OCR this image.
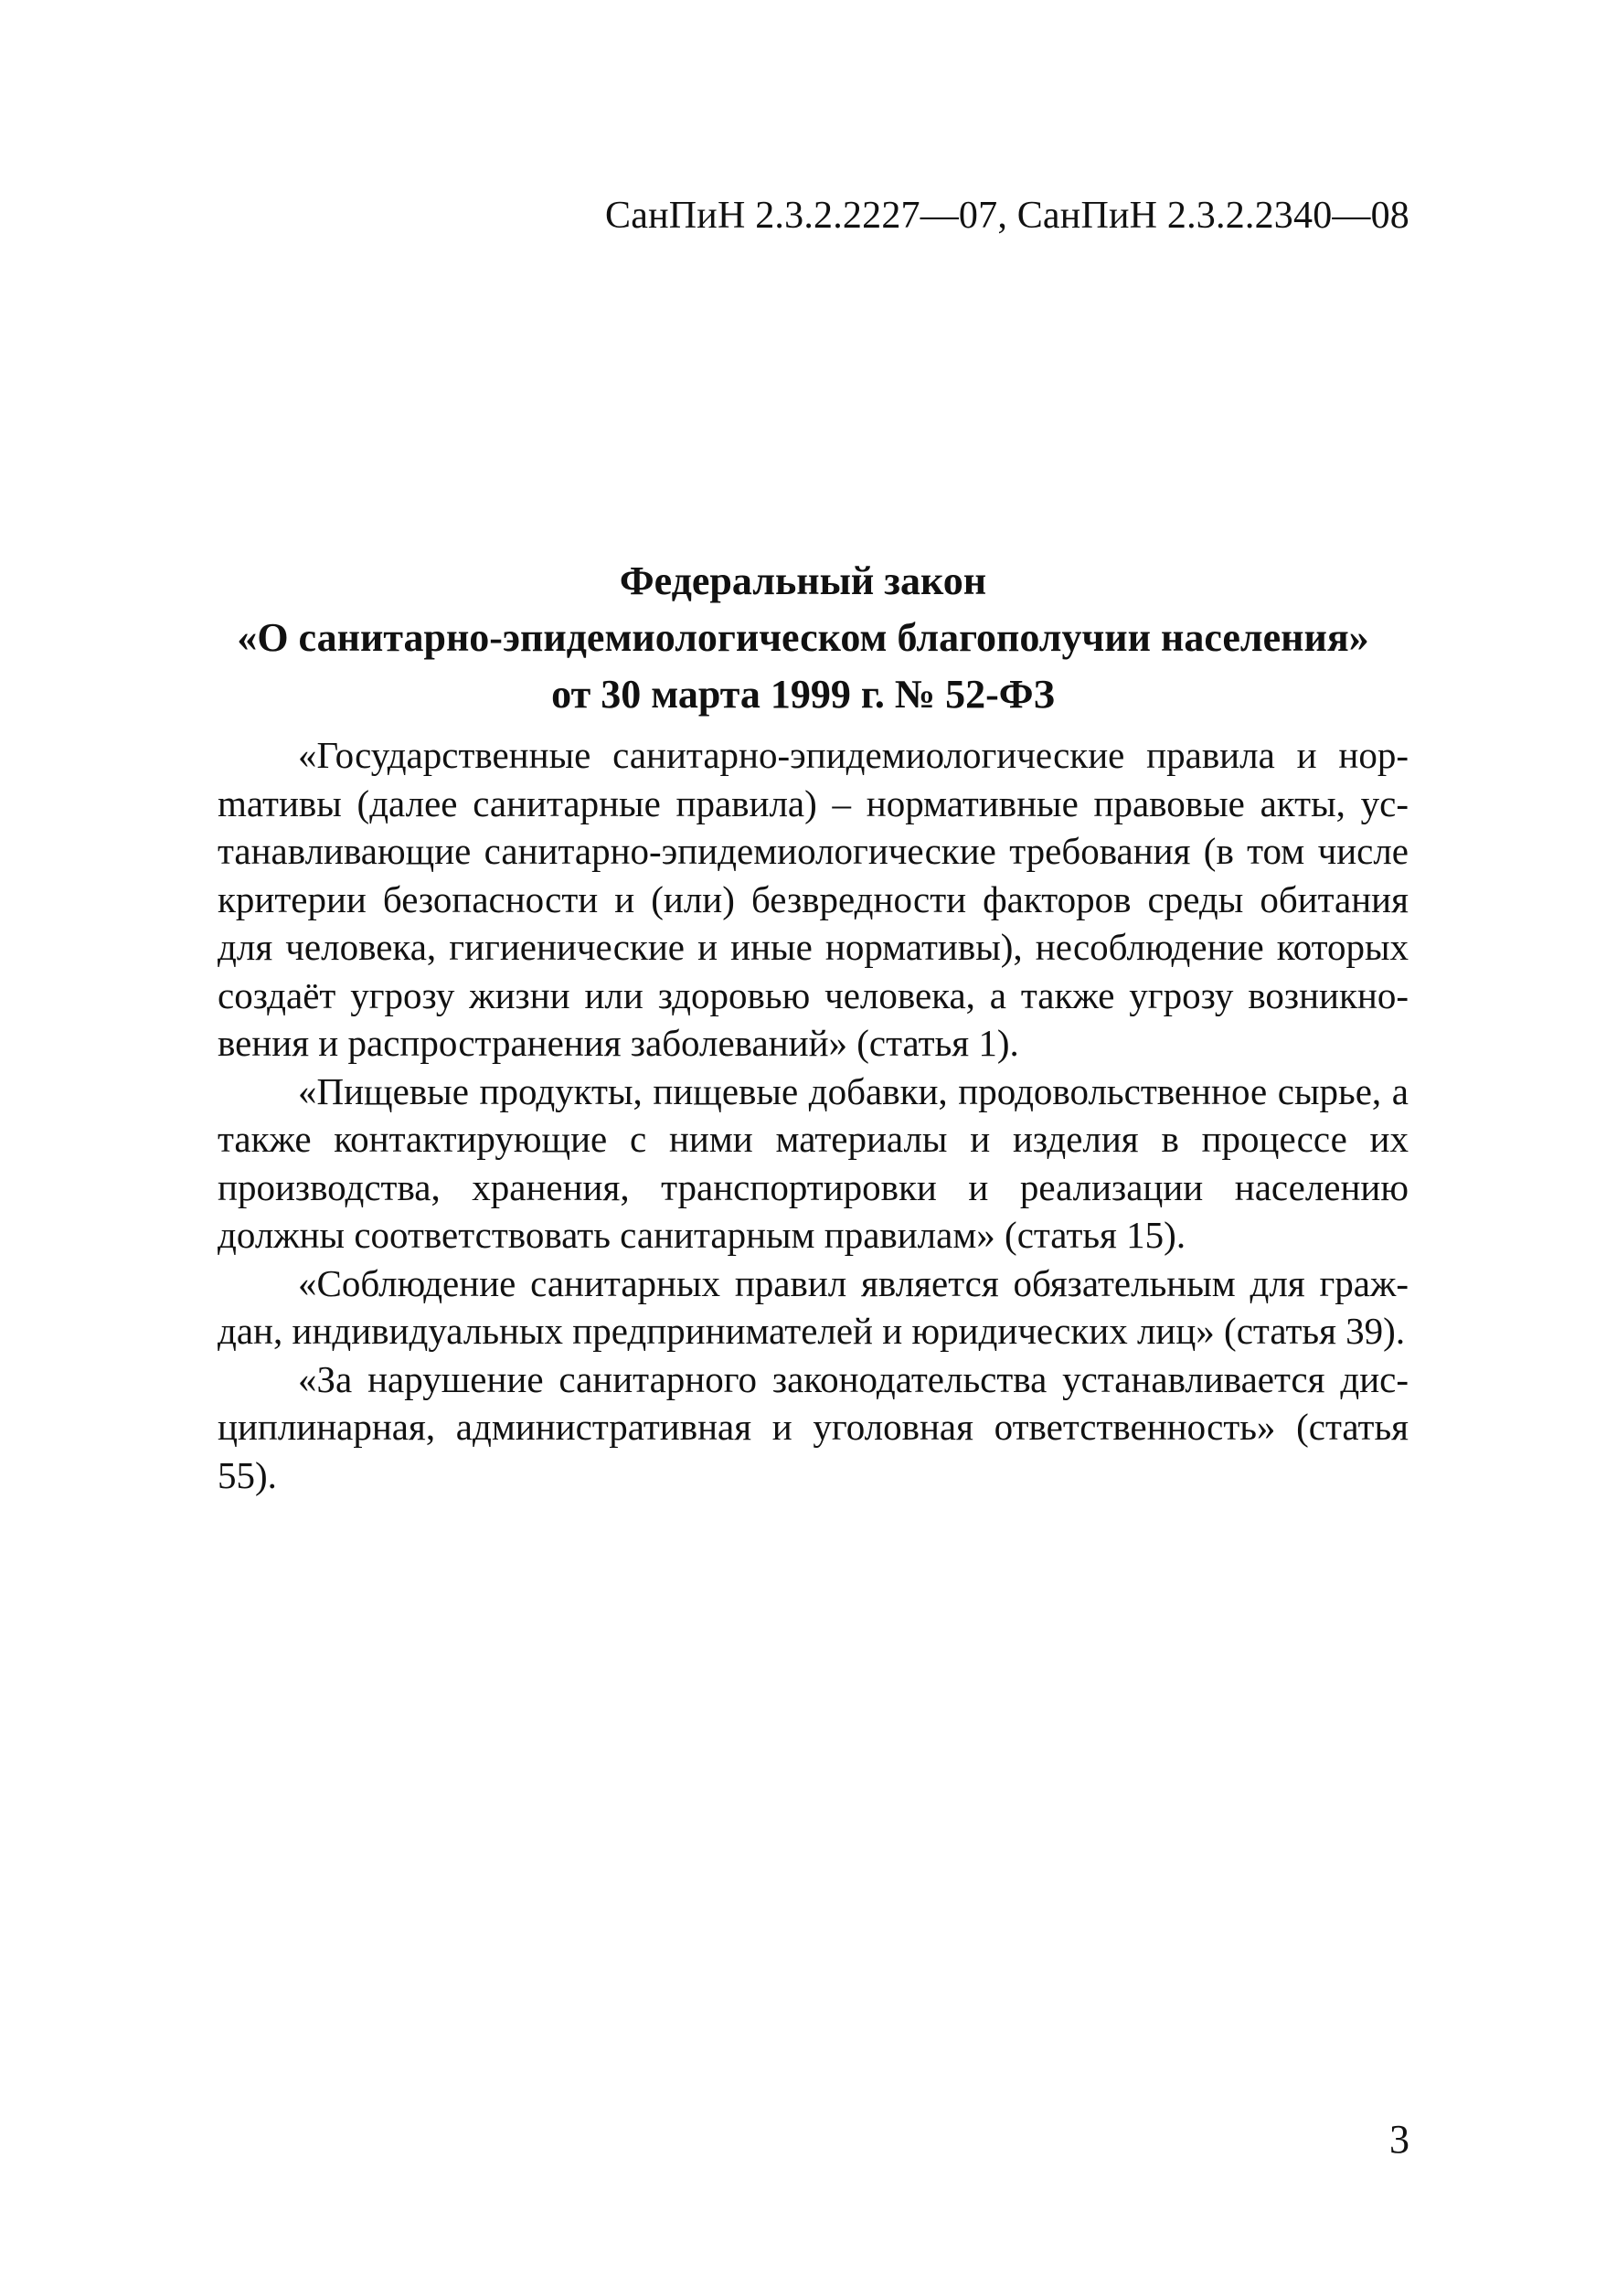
СанПиН 2.3.2.2227—07, СанПиН 2.3.2.2340—08
Федеральный закон
«О санитарно-эпидемиологическом благополучии населения»
от 30 марта 1999 г. № 52-ФЗ

«Государственные санитарно-эпидемиологические правила и норmативы (далее санитарные правила) – нормативные правовые акты, устанавливающие санитарно-эпидемиологические требования (в том числе критерии безопасности и (или) безвредности факторов среды обитания для человека, гигиенические и иные нормативы), несоблюдение которых создаёт угрозу жизни или здоровью человека, а также угрозу возникновения и распространения заболеваний» (статья 1).

«Пищевые продукты, пищевые добавки, продовольственное сырье, а также контактирующие с ними материалы и изделия в процессе их производства, хранения, транспортировки и реализации населению должны соответствовать санитарным правилам» (статья 15).

«Соблюдение санитарных правил является обязательным для граждан, индивидуальных предпринимателей и юридических лиц» (статья 39).

«За нарушение санитарного законодательства устанавливается дисциплинарная, административная и уголовная ответственность» (статья 55).

3
